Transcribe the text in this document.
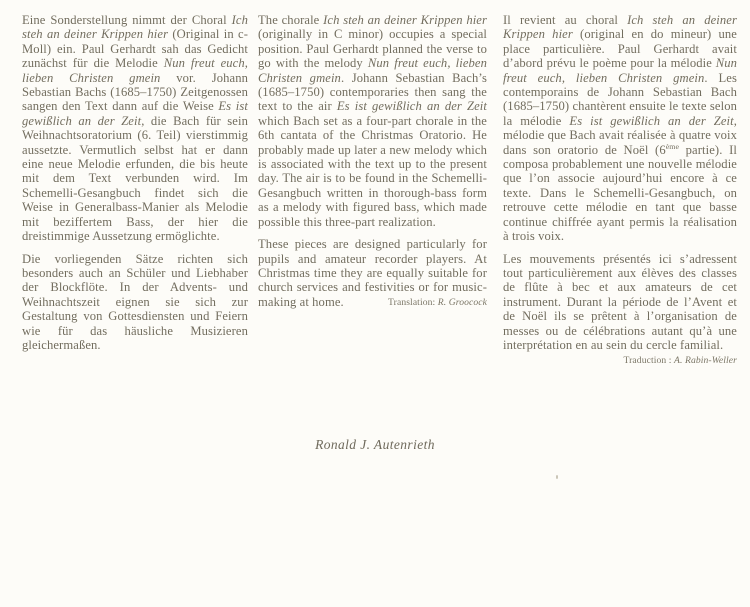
Eine Sonderstellung nimmt der Choral Ich steh an deiner Krippen hier (Original in c-Moll) ein. Paul Gerhardt sah das Gedicht zunächst für die Melodie Nun freut euch, lieben Christen gmein vor. Johann Sebastian Bachs (1685–1750) Zeitgenossen sangen den Text dann auf die Weise Es ist gewißlich an der Zeit, die Bach für sein Weihnachtsoratorium (6. Teil) vierstimmig aussetzte. Vermutlich selbst hat er dann eine neue Melodie erfunden, die bis heute mit dem Text verbunden wird. Im Schemelli-Gesangbuch findet sich die Weise in Generalbass-Manier als Melodie mit beziffertem Bass, der hier die dreistimmige Aussetzung ermöglichte.

Die vorliegenden Sätze richten sich besonders auch an Schüler und Liebhaber der Blockflöte. In der Advents- und Weihnachtszeit eignen sie sich zur Gestaltung von Gottesdiensten und Feiern wie für das häusliche Musizieren gleichermaßen.

The chorale Ich steh an deiner Krippen hier (originally in C minor) occupies a special position. Paul Gerhardt planned the verse to go with the melody Nun freut euch, lieben Christen gmein. Johann Sebastian Bach’s (1685–1750) contemporaries then sang the text to the air Es ist gewißlich an der Zeit which Bach set as a four-part chorale in the 6th cantata of the Christmas Oratorio. He probably made up later a new melody which is associated with the text up to the present day. The air is to be found in the Schemelli-Gesangbuch written in thorough-bass form as a melody with figured bass, which made possible this three-part realization.

These pieces are designed particularly for pupils and amateur recorder players. At Christmas time they are equally suitable for church services and festivities or for music-making at home.	Translation: R. Groocock

Il revient au choral Ich steh an deiner Krippen hier (original en do mineur) une place particulière. Paul Gerhardt avait d’abord prévu le poème pour la mélodie Nun freut euch, lieben Christen gmein. Les contemporains de Johann Sebastian Bach (1685–1750) chantèrent ensuite le texte selon la mélodie Es ist gewißlich an der Zeit, mélodie que Bach avait réalisée à quatre voix dans son oratorio de Noël (6ème partie). Il composa probablement une nouvelle mélodie que l’on associe aujourd’hui encore à ce texte. Dans le Schemelli-Gesangbuch, on retrouve cette mélodie en tant que basse continue chiffrée ayant permis la réalisation à trois voix.

Les mouvements présentés ici s’adressent tout particulièrement aux élèves des classes de flûte à bec et aux amateurs de cet instrument. Durant la période de l’Avent et de Noël ils se prêtent à l’organisation de messes ou de célébrations autant qu’à une interprétation en au sein du cercle familial.

Traduction : A. Rabin-Weller
Ronald J. Autenrieth
